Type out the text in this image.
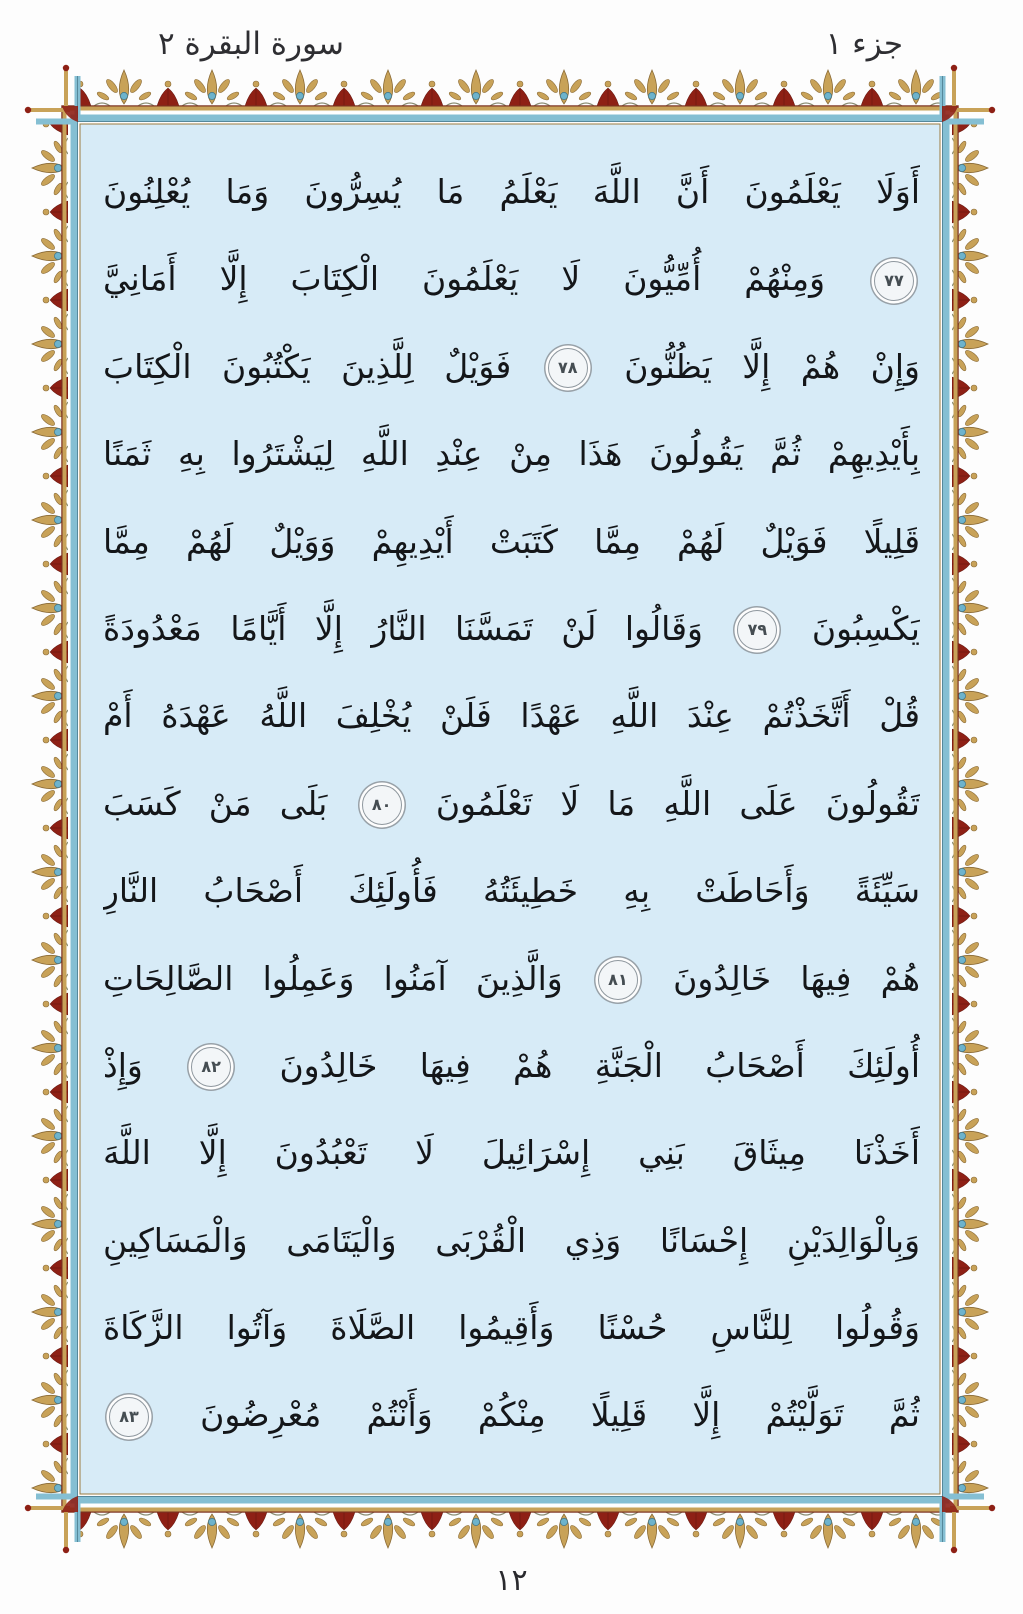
سورة البقرة ٢	جزء ١
أَوَلَا يَعْلَمُونَ أَنَّ اللَّهَ يَعْلَمُ مَا يُسِرُّونَ وَمَا يُعْلِنُونَ
٧٧ وَمِنْهُمْ أُمِّيُّونَ لَا يَعْلَمُونَ الْكِتَابَ إِلَّا أَمَانِيَّ
وَإِنْ هُمْ إِلَّا يَظُنُّونَ ٧٨ فَوَيْلٌ لِلَّذِينَ يَكْتُبُونَ الْكِتَابَ
بِأَيْدِيهِمْ ثُمَّ يَقُولُونَ هَذَا مِنْ عِنْدِ اللَّهِ لِيَشْتَرُوا بِهِ ثَمَنًا
قَلِيلًا فَوَيْلٌ لَهُمْ مِمَّا كَتَبَتْ أَيْدِيهِمْ وَوَيْلٌ لَهُمْ مِمَّا
يَكْسِبُونَ ٧٩ وَقَالُوا لَنْ تَمَسَّنَا النَّارُ إِلَّا أَيَّامًا مَعْدُودَةً
قُلْ أَتَّخَذْتُمْ عِنْدَ اللَّهِ عَهْدًا فَلَنْ يُخْلِفَ اللَّهُ عَهْدَهُ أَمْ
تَقُولُونَ عَلَى اللَّهِ مَا لَا تَعْلَمُونَ ٨٠ بَلَى مَنْ كَسَبَ
سَيِّئَةً وَأَحَاطَتْ بِهِ خَطِيئَتُهُ فَأُولَئِكَ أَصْحَابُ النَّارِ
هُمْ فِيهَا خَالِدُونَ ٨١ وَالَّذِينَ آمَنُوا وَعَمِلُوا الصَّالِحَاتِ
أُولَئِكَ أَصْحَابُ الْجَنَّةِ هُمْ فِيهَا خَالِدُونَ ٨٢ وَإِذْ
أَخَذْنَا مِيثَاقَ بَنِي إِسْرَائِيلَ لَا تَعْبُدُونَ إِلَّا اللَّهَ
وَبِالْوَالِدَيْنِ إِحْسَانًا وَذِي الْقُرْبَى وَالْيَتَامَى وَالْمَسَاكِينِ
وَقُولُوا لِلنَّاسِ حُسْنًا وَأَقِيمُوا الصَّلَاةَ وَآتُوا الزَّكَاةَ
ثُمَّ تَوَلَّيْتُمْ إِلَّا قَلِيلًا مِنْكُمْ وَأَنْتُمْ مُعْرِضُونَ ٨٣
١٢
